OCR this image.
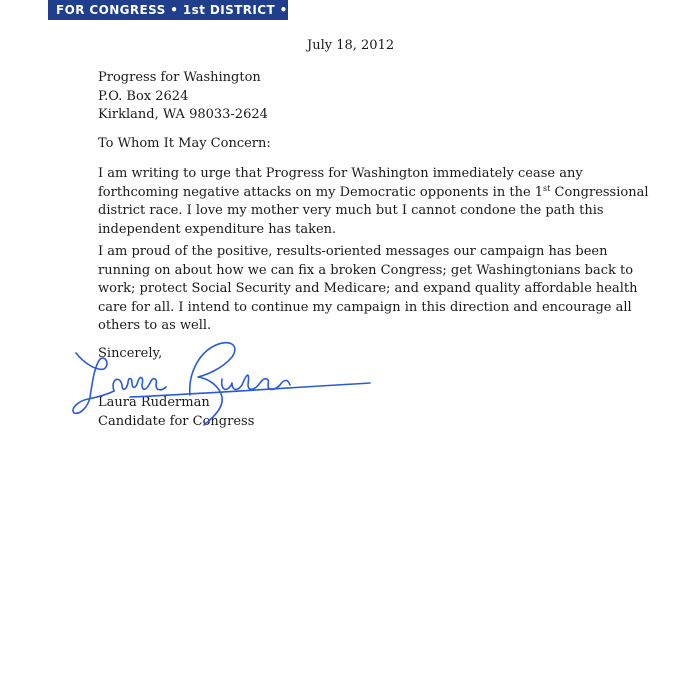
FOR CONGRESS • 1st DISTRICT • D
July 18, 2012
Progress for Washington
P.O. Box 2624
Kirkland, WA 98033-2624
To Whom It May Concern:
I am writing to urge that Progress for Washington immediately cease any
forthcoming negative attacks on my Democratic opponents in the 1st Congressional
district race. I love my mother very much but I cannot condone the path this
independent expenditure has taken.
I am proud of the positive, results-oriented messages our campaign has been
running on about how we can fix a broken Congress; get Washingtonians back to
work; protect Social Security and Medicare; and expand quality affordable health
care for all. I intend to continue my campaign in this direction and encourage all
others to as well.
Sincerely,
Laura Ruderman
Candidate for Congress
